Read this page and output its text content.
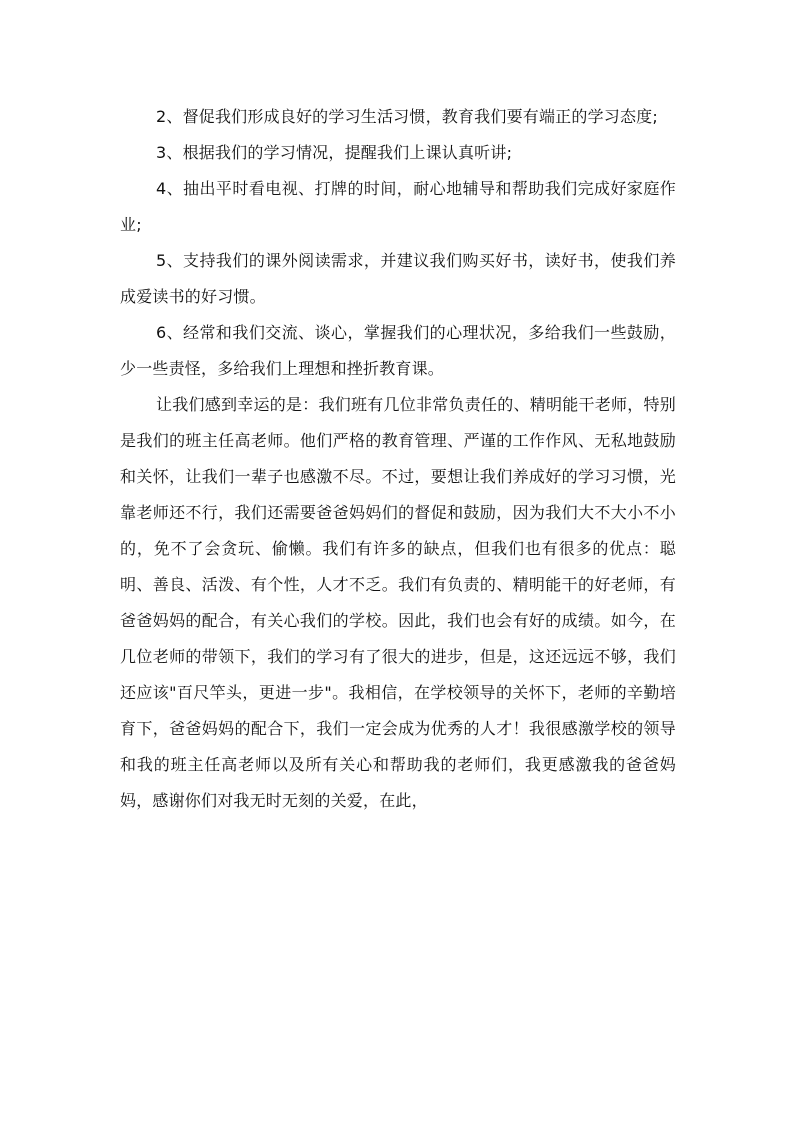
2、督促我们形成良好的学习生活习惯，教育我们要有端正的学习态度;

3、根据我们的学习情况，提醒我们上课认真听讲;

4、抽出平时看电视、打牌的时间，耐心地辅导和帮助我们完成好家庭作业;

5、支持我们的课外阅读需求，并建议我们购买好书，读好书，使我们养成爱读书的好习惯。

6、经常和我们交流、谈心，掌握我们的心理状况，多给我们一些鼓励，少一些责怪，多给我们上理想和挫折教育课。

让我们感到幸运的是：我们班有几位非常负责任的、精明能干老师，特别是我们的班主任高老师。他们严格的教育管理、严谨的工作作风、无私地鼓励和关怀，让我们一辈子也感激不尽。不过，要想让我们养成好的学习习惯，光靠老师还不行，我们还需要爸爸妈妈们的督促和鼓励，因为我们大不大小不小的，免不了会贪玩、偷懒。我们有许多的缺点，但我们也有很多的优点：聪明、善良、活泼、有个性，人才不乏。我们有负责的、精明能干的好老师，有爸爸妈妈的配合，有关心我们的学校。因此，我们也会有好的成绩。如今，在几位老师的带领下，我们的学习有了很大的进步，但是，这还远远不够，我们还应该"百尺竿头，更进一步"。我相信，在学校领导的关怀下，老师的辛勤培育下，爸爸妈妈的配合下，我们一定会成为优秀的人才！我很感激学校的领导和我的班主任高老师以及所有关心和帮助我的老师们，我更感激我的爸爸妈妈，感谢你们对我无时无刻的关爱，在此，
